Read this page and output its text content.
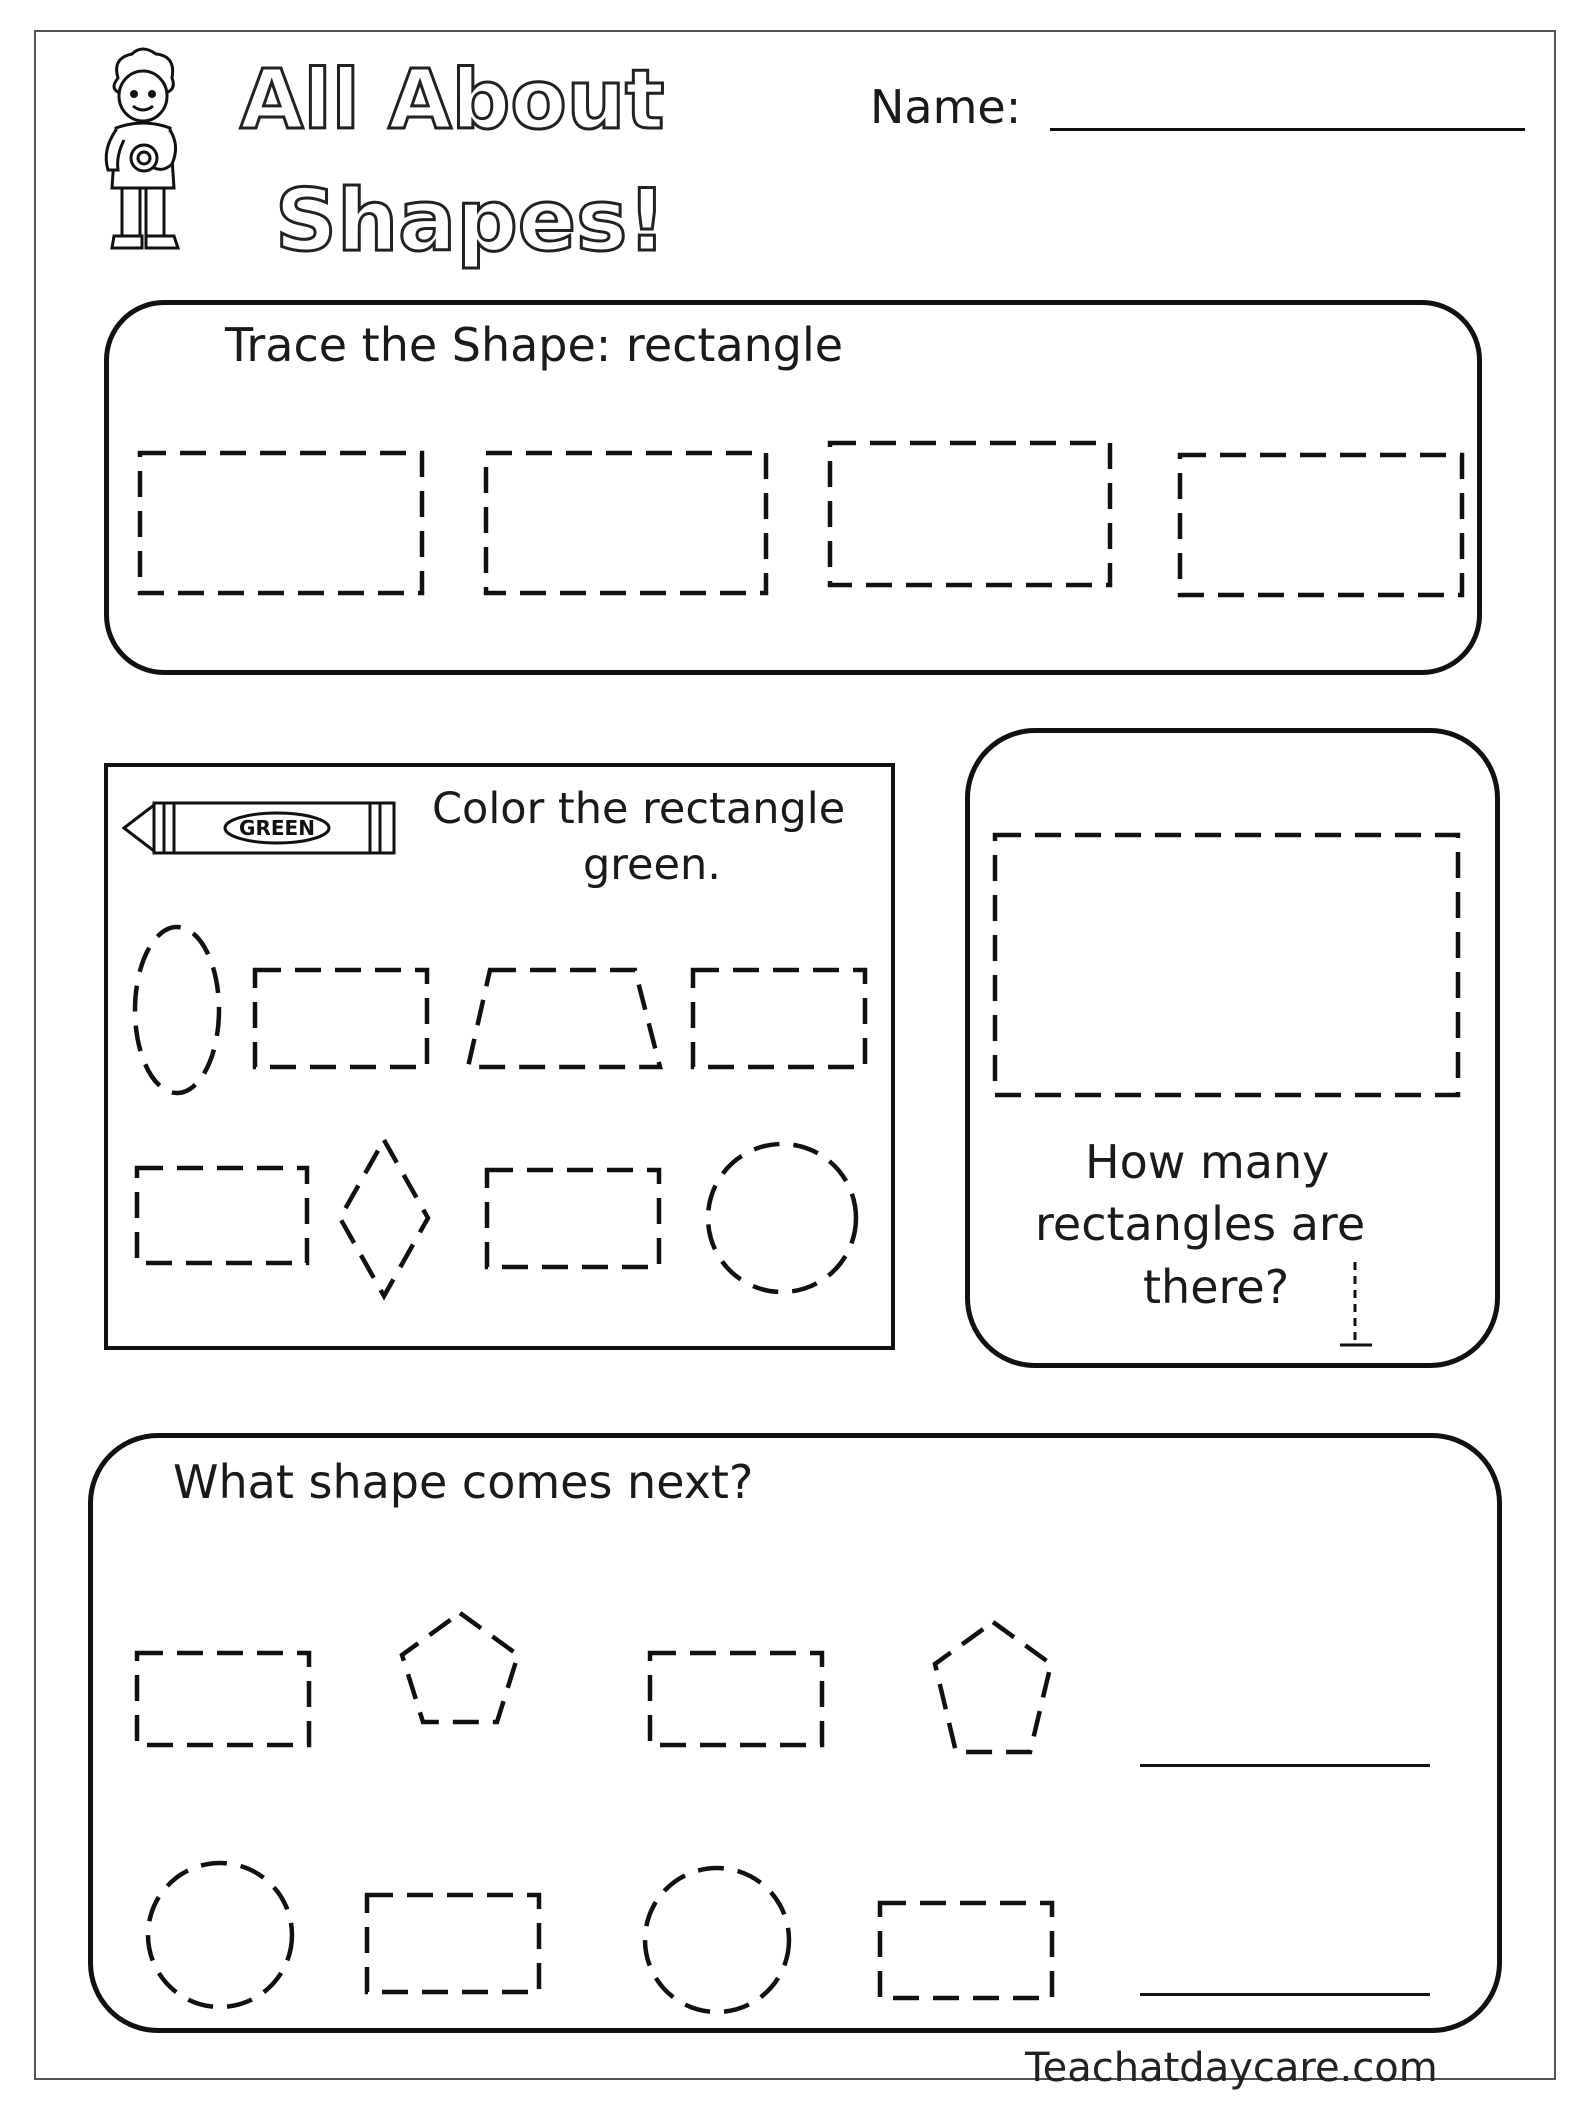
All About
Shapes!
Name:
Trace the Shape: rectangle
GREEN	Color the rectangle
green.
How many
rectangles are
there?
What shape comes next?
Teachatdaycare.com
